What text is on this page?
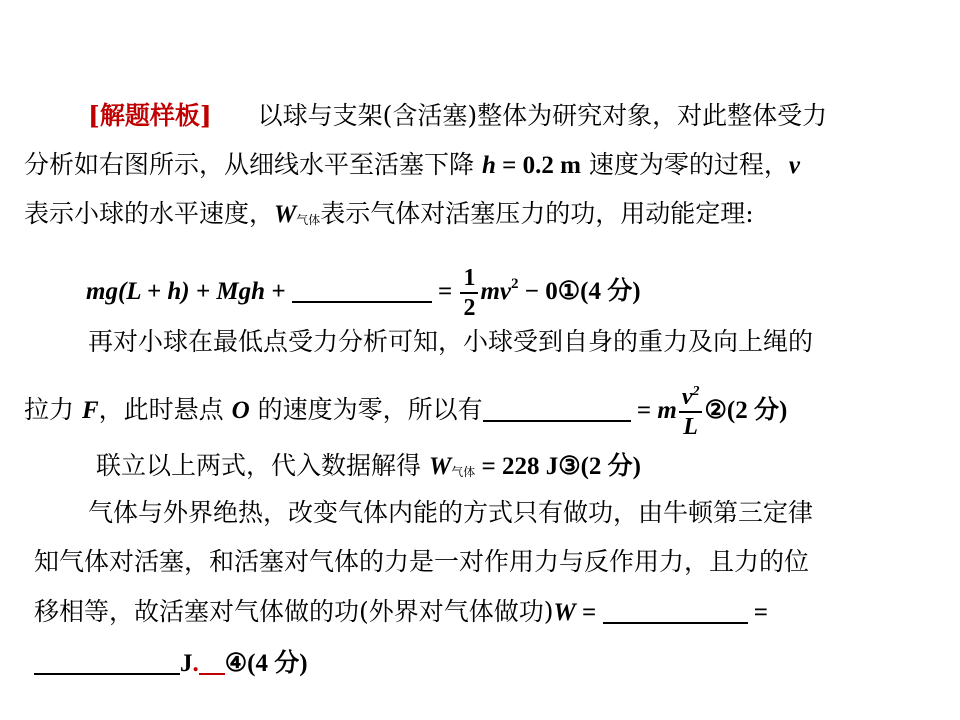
[解题样板] 以球与支架(含活塞)整体为研究对象，对此整体受力
分析如右图所示，从细线水平至活塞下降 h = 0.2 m 速度为零的过程，v
表示小球的水平速度，W气体表示气体对活塞压力的功，用动能定理:
mg(L + h) + Mgh +	= $\frac{1}{2} mv^2$ − 0①(4 分)
再对小球在最低点受力分析可知，小球受到自身的重力及向上绳的
拉力 F，此时悬点 O 的速度为零，所以有	= m $\frac{v^2}{L}$ ②(2 分)
联立以上两式，代入数据解得 W气体 = 228 J③(2 分)
气体与外界绝热，改变气体内能的方式只有做功，由牛顿第三定律
知气体对活塞，和活塞对气体的力是一对作用力与反作用力，且力的位
移相等，故活塞对气体做的功(外界对气体做功)W =	=
J. ④(4 分)
